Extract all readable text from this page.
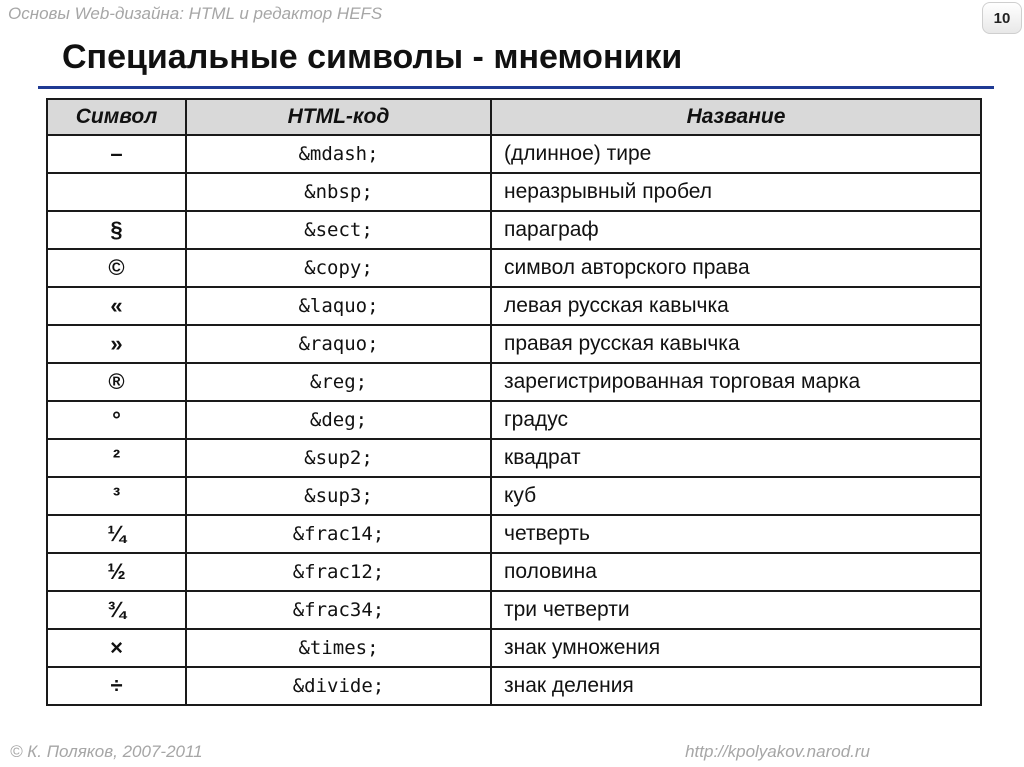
Основы Web-дизайна: HTML и редактор HEFS	10
Специальные символы - мнемоники
Символ	HTML-код	Название
–	&mdash;	(длинное) тире
	&nbsp;	неразрывный пробел
§	&sect;	параграф
©	&copy;	символ авторского права
«	&laquo;	левая русская кавычка
»	&raquo;	правая русская кавычка
®	&reg;	зарегистрированная торговая марка
°	&deg;	градус
²	&sup2;	квадрат
³	&sup3;	куб
¼	&frac14;	четверть
½	&frac12;	половина
¾	&frac34;	три четверти
×	&times;	знак умножения
÷	&divide;	знак деления
© К. Поляков, 2007-2011	http://kpolyakov.narod.ru
